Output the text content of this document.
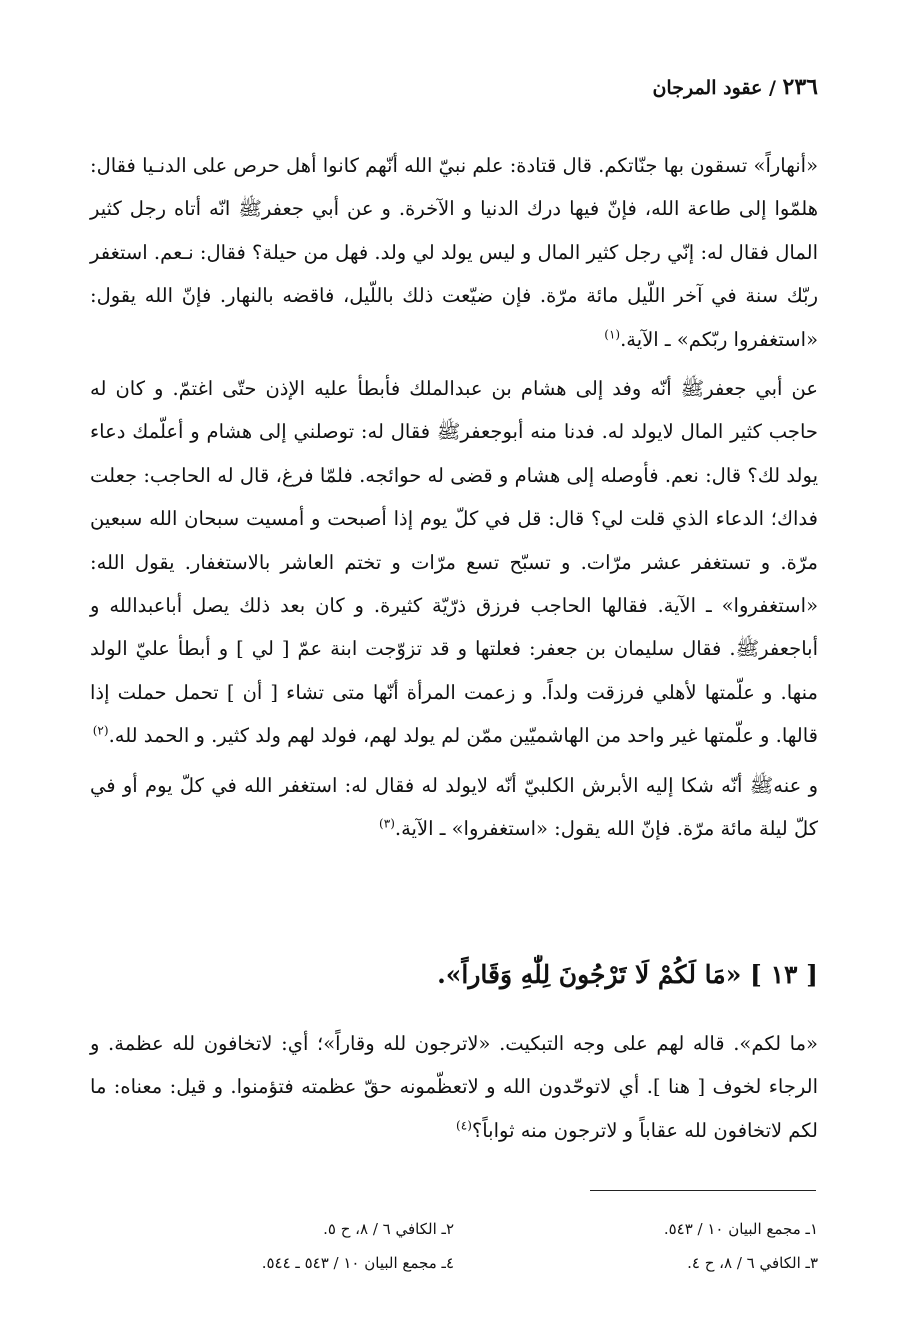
٢٣٦ / عقود المرجان

«أنهاراً» تسقون بها جنّاتكم. قال قتادة: علم نبيّ الله أنّهم كانوا أهل حرص على الدنـيا فقال: هلمّوا إلى طاعة الله، فإنّ فيها درك الدنيا و الآخرة. و عن أبي جعفرﷺ انّه أتاه رجل كثير المال فقال له: إنّي رجل كثير المال و ليس يولد لي ولد. فهل من حيلة؟ فقال: نـعم. استغفر ربّك سنة في آخر اللّيل مائة مرّة. فإن ضيّعت ذلك باللّيل، فاقضه بالنهار. فإنّ الله يقول: «استغفروا ربّكم» ـ الآية.$^{(١)}$

عن أبي جعفرﷺ أنّه وفد إلى هشام بن عبدالملك فأبطأ عليه الإذن حتّى اغتمّ. و كان له حاجب كثير المال لايولد له. فدنا منه أبوجعفرﷺ فقال له: توصلني إلى هشام و أعلّمك دعاء يولد لك؟ قال: نعم. فأوصله إلى هشام و قضى له حوائجه. فلمّا فرغ، قال له الحاجب: جعلت فداك؛ الدعاء الذي قلت لي؟ قال: قل في كلّ يوم إذا أصبحت و أمسيت سبحان الله سبعين مرّة. و تستغفر عشر مرّات. و تسبّح تسع مرّات و تختم العاشر بالاستغفار. يقول الله: «استغفروا» ـ الآية. فقالها الحاجب فرزق ذرّيّة كثيرة. و كان بعد ذلك يصل أباعبدالله و أباجعفرﷺ. فقال سليمان بن جعفر: فعلتها و قد تزوّجت ابنة عمّ [ لي ] و أبطأ عليّ الولد منها. و علّمتها لأهلي فرزقت ولداً. و زعمت المرأة أنّها متى تشاء [ أن ] تحمل حملت إذا قالها. و علّمتها غير واحد من الهاشميّين ممّن لم يولد لهم، فولد لهم ولد كثير. و الحمد لله.$^{(٢)}$

و عنهﷺ أنّه شكا إليه الأبرش الكلبيّ أنّه لايولد له فقال له: استغفر الله في كلّ يوم أو في كلّ ليلة مائة مرّة. فإنّ الله يقول: «استغفروا» ـ الآية.$^{(٣)}$

[ ١٣ ] «مَا لَكُمْ لَا تَرْجُونَ لِلّٰهِ وَقَاراً».

«ما لكم». قاله لهم على وجه التبكيت. «لاترجون لله وقاراً»؛ أي: لاتخافون لله عظمة. و الرجاء لخوف [ هنا ]. أي لاتوحّدون الله و لاتعظّمونه حقّ عظمته فتؤمنوا. و قيل: معناه: ما لكم لاتخافون لله عقاباً و لاترجون منه ثواباً؟$^{(٤)}$

١ـ مجمع البيان ١٠ / ٥٤٣.
٢ـ الكافي ٦ / ٨، ح ٥.
٣ـ الكافي ٦ / ٨، ح ٤.
٤ـ مجمع البيان ١٠ / ٥٤٣ ـ ٥٤٤.
